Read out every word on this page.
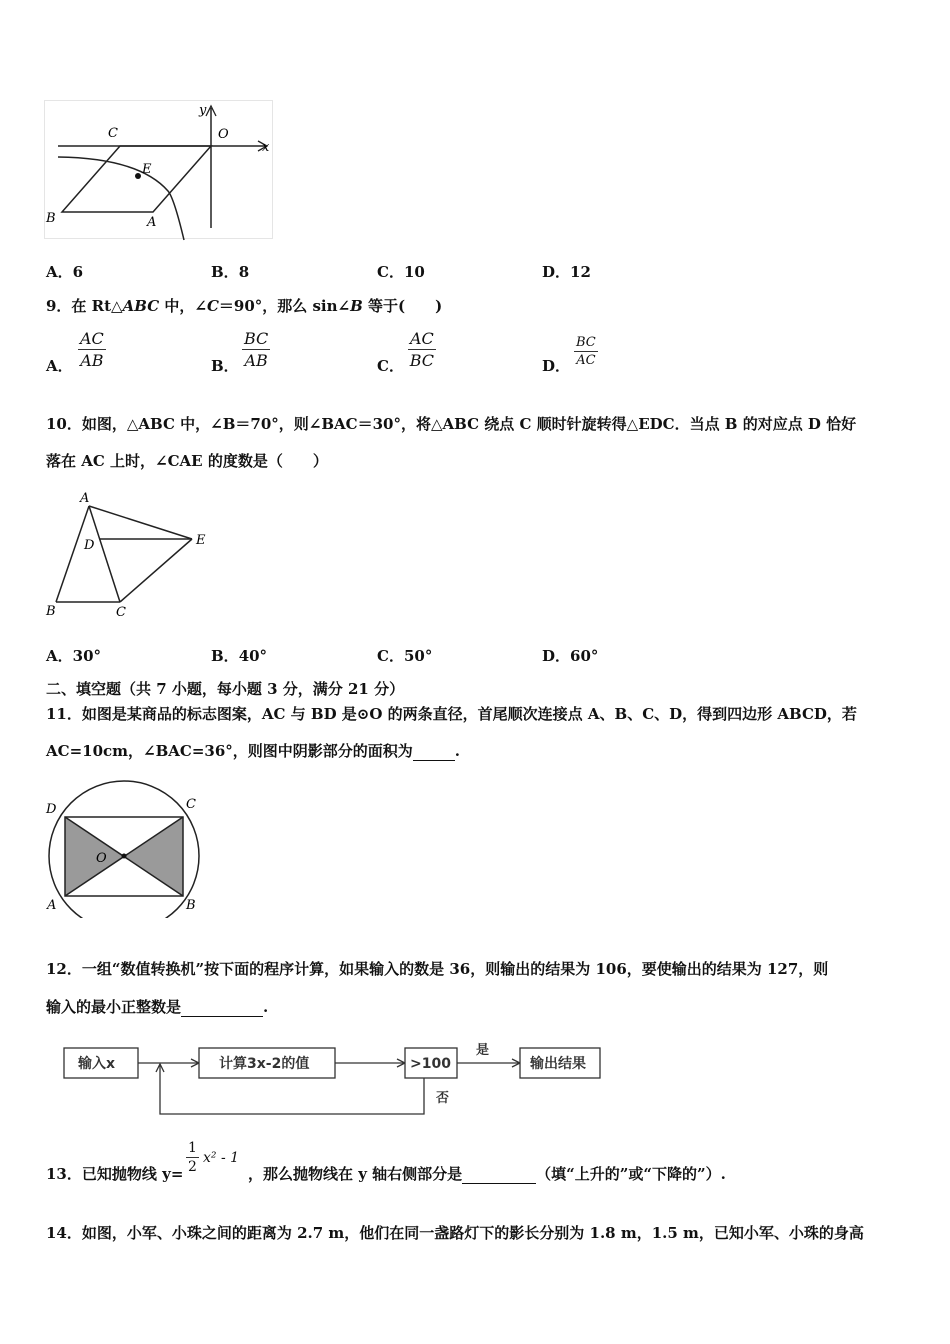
y
x
O
C
E
B	A
A．6	B．8	C．10	D．12
9．在 Rt△ABC 中，∠C＝90°，那么 sin∠B 等于(　　)
A． $\frac{AC}{AB}$	B． $\frac{BC}{AB}$	C． $\frac{AC}{BC}$	D． $\frac{BC}{AC}$
10．如图，△ABC 中，∠B＝70°，则∠BAC＝30°，将△ABC 绕点 C 顺时针旋转得△EDC．当点 B 的对应点 D 恰好
落在 AC 上时，∠CAE 的度数是（　　）
A
D	E
B	C
A．30°	B．40°	C．50°	D．60°
二、填空题（共 7 小题，每小题 3 分，满分 21 分）
11．如图是某商品的标志图案，AC 与 BD 是⊙O 的两条直径，首尾顺次连接点 A、B、C、D，得到四边形 ABCD，若
AC=10cm，∠BAC=36°，则图中阴影部分的面积为	.
D	C
O
A	B
12．一组“数值转换机”按下面的程序计算，如果输入的数是 36，则输出的结果为 106，要使输出的结果为 127，则
输入的最小正整数是	.
输入x	计算3x-2的值	>100
是
输出结果
否
13．已知抛物线 $y= \frac{1}{2} x^2 - 1$
，那么抛物线在 y 轴右侧部分是	（填“上升的”或“下降的”）.
14．如图，小军、小珠之间的距离为 2.7 m，他们在同一盏路灯下的影长分别为 1.8 m，1.5 m，已知小军、小珠的身高
